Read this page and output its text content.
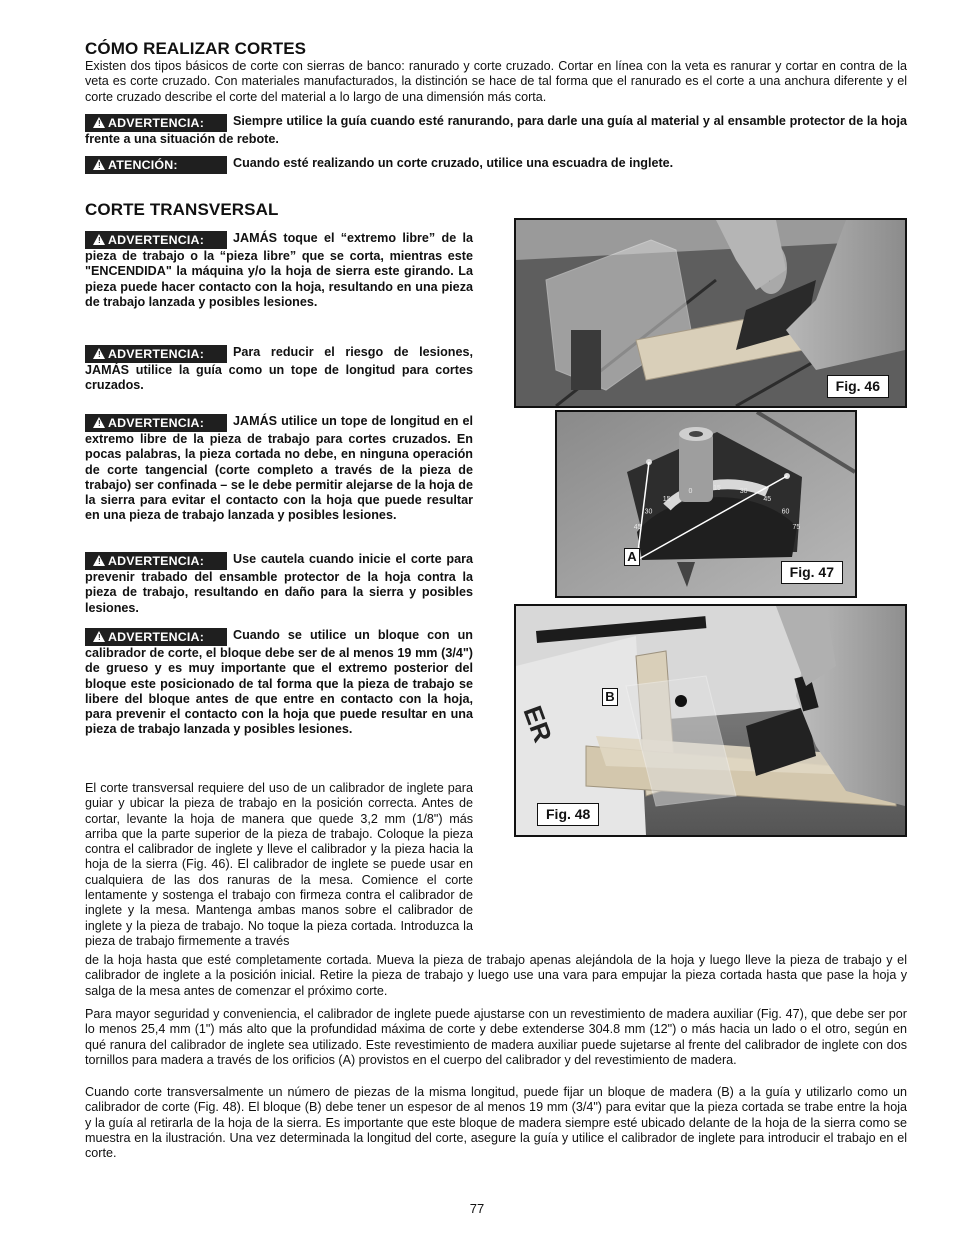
CÓMO REALIZAR CORTES
Existen dos tipos básicos de corte con sierras de banco: ranurado y corte cruzado. Cortar en línea con la veta es ranurar y cortar en contra de la veta es corte cruzado. Con materiales manufacturados, la distinción se hace de tal forma que el ranurado es el corte a una anchura diferente y el corte cruzado describe el corte del material a lo largo de una dimensión más corta.
! ADVERTENCIA: Siempre utilice la guía cuando esté ranurando, para darle una guía al material y al ensamble protector de la hoja frente a una situación de rebote.
! ATENCIÓN:	Cuando esté realizando un corte cruzado, utilice una escuadra de inglete.
CORTE TRANSVERSAL
! ADVERTENCIA: JAMÁS toque el “extremo libre” de la pieza de trabajo o la “pieza libre” que se corta, mientras este "ENCENDIDA" la máquina y/o la hoja de sierra este girando. La pieza puede hacer contacto con la hoja, resultando en una pieza de trabajo lanzada y posibles lesiones.
! ADVERTENCIA: Para reducir el riesgo de lesiones, JAMÁS utilice la guía como un tope de longitud para cortes cruzados.
! ADVERTENCIA: JAMÁS utilice un tope de longitud en el extremo libre de la pieza de trabajo para cortes cruzados. En pocas palabras, la pieza cortada no debe, en ninguna operación de corte tangencial (corte completo a través de la pieza de trabajo) ser confinada – se le debe permitir alejarse de la hoja de la sierra para evitar el contacto con la hoja que puede resultar en una pieza de trabajo lanzada y posibles lesiones.
! ADVERTENCIA: Use cautela cuando inicie el corte para prevenir trabado del ensamble protector de la hoja contra la pieza de trabajo, resultando en daño para la sierra y posibles lesiones.
! ADVERTENCIA: Cuando se utilice un bloque con un calibrador de corte, el bloque debe ser de al menos 19 mm (3/4") de grueso y es muy importante que el extremo posterior del bloque este posicionado de tal forma que la pieza de trabajo se libere del bloque antes de que entre en contacto con la hoja, para prevenir el contacto con la hoja que puede resultar en una pieza de trabajo lanzada y posibles lesiones.
El corte transversal requiere del uso de un calibrador de inglete para guiar y ubicar la pieza de trabajo en la posición correcta. Antes de cortar, levante la hoja de manera que quede 3,2 mm (1/8") más arriba que la parte superior de la pieza de trabajo. Coloque la pieza contra el calibrador de inglete y lleve el calibrador y la pieza hacia la hoja de la sierra (Fig. 46). El calibrador de inglete se puede usar en cualquiera de las dos ranuras de la mesa. Comience el corte lentamente y sostenga el trabajo con firmeza contra el calibrador de inglete y la mesa. Mantenga ambas manos sobre el calibrador de inglete y la pieza de trabajo. No toque la pieza cortada. Introduzca la pieza de trabajo firmemente a través
de la hoja hasta que esté completamente cortada. Mueva la pieza de trabajo apenas alejándola de la hoja y luego lleve la pieza de trabajo y el calibrador de inglete a la posición inicial. Retire la pieza de trabajo y luego use una vara para empujar la pieza cortada hasta que pase la hoja y salga de la mesa antes de comenzar el próximo corte.
Para mayor seguridad y conveniencia, el calibrador de inglete puede ajustarse con un revestimiento de madera auxiliar (Fig. 47), que debe ser por lo menos 25,4 mm (1") más alto que la profundidad máxima de corte y debe extenderse 304.8 mm (12") o más hacia un lado o el otro, según en qué ranura del calibrador de inglete sea utilizado. Este revestimiento de madera auxiliar puede sujetarse al frente del calibrador de inglete con dos tornillos para madera a través de los orificios (A) provistos en el cuerpo del calibrador y del revestimiento de madera.
Cuando corte transversalmente un número de piezas de la misma longitud, puede fijar un bloque de madera (B) a la guía y utilizarlo como un calibrador de corte (Fig. 48). El bloque (B) debe tener un espesor de al menos 19 mm (3/4") para evitar que la pieza cortada se trabe entre la hoja y la guía al retirarla de la hoja de la sierra. Es importante que este bloque de madera siempre esté ubicado delante de la hoja de la sierra como se muestra en la ilustración. Una vez determinada la longitud del corte, asegure la guía y utilice el calibrador de inglete para introducir el trabajo en el corte.
77
Fig. 46
45
30
15
0	15	30
45
60
75
A
Fig. 47
ER
B
Fig. 48
